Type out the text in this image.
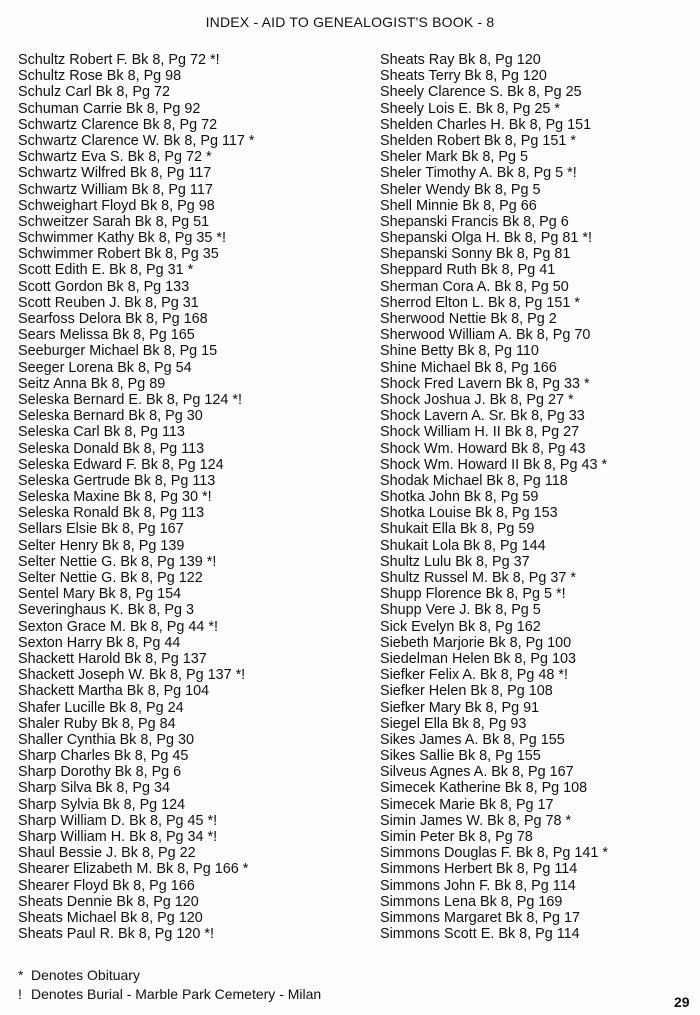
INDEX - AID TO GENEALOGIST'S BOOK - 8
Schultz Robert F. Bk 8, Pg 72 *!
Schultz Rose Bk 8, Pg 98
Schulz Carl Bk 8, Pg 72
Schuman Carrie Bk 8, Pg 92
Schwartz Clarence Bk 8, Pg 72
Schwartz Clarence W. Bk 8, Pg 117 *
Schwartz Eva S. Bk 8, Pg 72 *
Schwartz Wilfred Bk 8, Pg 117
Schwartz William Bk 8, Pg 117
Schweighart Floyd Bk 8, Pg 98
Schweitzer Sarah Bk 8, Pg 51
Schwimmer Kathy Bk 8, Pg 35 *!
Schwimmer Robert Bk 8, Pg 35
Scott Edith E. Bk 8, Pg 31 *
Scott Gordon Bk 8, Pg 133
Scott Reuben J. Bk 8, Pg 31
Searfoss Delora Bk 8, Pg 168
Sears Melissa Bk 8, Pg 165
Seeburger Michael Bk 8, Pg 15
Seeger Lorena Bk 8, Pg 54
Seitz Anna Bk 8, Pg 89
Seleska Bernard E. Bk 8, Pg 124 *!
Seleska Bernard Bk 8, Pg 30
Seleska Carl Bk 8, Pg 113
Seleska Donald Bk 8, Pg 113
Seleska Edward F. Bk 8, Pg 124
Seleska Gertrude Bk 8, Pg 113
Seleska Maxine Bk 8, Pg 30 *!
Seleska Ronald Bk 8, Pg 113
Sellars Elsie Bk 8, Pg 167
Selter Henry Bk 8, Pg 139
Selter Nettie G. Bk 8, Pg 139 *!
Selter Nettie G. Bk 8, Pg 122
Sentel Mary Bk 8, Pg 154
Severinghaus K. Bk 8, Pg 3
Sexton Grace M. Bk 8, Pg 44 *!
Sexton Harry Bk 8, Pg 44
Shackett Harold Bk 8, Pg 137
Shackett Joseph W. Bk 8, Pg 137 *!
Shackett Martha Bk 8, Pg 104
Shafer Lucille Bk 8, Pg 24
Shaler Ruby Bk 8, Pg 84
Shaller Cynthia Bk 8, Pg 30
Sharp Charles Bk 8, Pg 45
Sharp Dorothy Bk 8, Pg 6
Sharp Silva Bk 8, Pg 34
Sharp Sylvia Bk 8, Pg 124
Sharp William D. Bk 8, Pg 45 *!
Sharp William H. Bk 8, Pg 34 *!
Shaul Bessie J. Bk 8, Pg 22
Shearer Elizabeth M. Bk 8, Pg 166 *
Shearer Floyd Bk 8, Pg 166
Sheats Dennie Bk 8, Pg 120
Sheats Michael Bk 8, Pg 120
Sheats Paul R. Bk 8, Pg 120 *!
Sheats Ray Bk 8, Pg 120
Sheats Terry Bk 8, Pg 120
Sheely Clarence S. Bk 8, Pg 25
Sheely Lois E. Bk 8, Pg 25 *
Shelden Charles H. Bk 8, Pg 151
Shelden Robert Bk 8, Pg 151 *
Sheler Mark Bk 8, Pg 5
Sheler Timothy A. Bk 8, Pg 5 *!
Sheler Wendy Bk 8, Pg 5
Shell Minnie Bk 8, Pg 66
Shepanski Francis Bk 8, Pg 6
Shepanski Olga H. Bk 8, Pg 81 *!
Shepanski Sonny Bk 8, Pg 81
Sheppard Ruth Bk 8, Pg 41
Sherman Cora A. Bk 8, Pg 50
Sherrod Elton L. Bk 8, Pg 151 *
Sherwood Nettie Bk 8, Pg 2
Sherwood William A. Bk 8, Pg 70
Shine Betty Bk 8, Pg 110
Shine Michael Bk 8, Pg 166
Shock Fred Lavern Bk 8, Pg 33 *
Shock Joshua J. Bk 8, Pg 27 *
Shock Lavern A. Sr. Bk 8, Pg 33
Shock William H. II Bk 8, Pg 27
Shock Wm. Howard Bk 8, Pg 43
Shock Wm. Howard II Bk 8, Pg 43 *
Shodak Michael Bk 8, Pg 118
Shotka John Bk 8, Pg 59
Shotka Louise Bk 8, Pg 153
Shukait Ella Bk 8, Pg 59
Shukait Lola Bk 8, Pg 144
Shultz Lulu Bk 8, Pg 37
Shultz Russel M. Bk 8, Pg 37 *
Shupp Florence Bk 8, Pg 5 *!
Shupp Vere J. Bk 8, Pg 5
Sick Evelyn Bk 8, Pg 162
Siebeth Marjorie Bk 8, Pg 100
Siedelman Helen Bk 8, Pg 103
Siefker Felix A. Bk 8, Pg 48 *!
Siefker Helen Bk 8, Pg 108
Siefker Mary Bk 8, Pg 91
Siegel Ella Bk 8, Pg 93
Sikes James A. Bk 8, Pg 155
Sikes Sallie Bk 8, Pg 155
Silveus Agnes A. Bk 8, Pg 167
Simecek Katherine Bk 8, Pg 108
Simecek Marie Bk 8, Pg 17
Simin James W. Bk 8, Pg 78 *
Simin Peter Bk 8, Pg 78
Simmons Douglas F. Bk 8, Pg 141 *
Simmons Herbert Bk 8, Pg 114
Simmons John F. Bk 8, Pg 114
Simmons Lena Bk 8, Pg 169
Simmons Margaret Bk 8, Pg 17
Simmons Scott E. Bk 8, Pg 114
* Denotes Obituary
! Denotes Burial - Marble Park Cemetery - Milan	29
